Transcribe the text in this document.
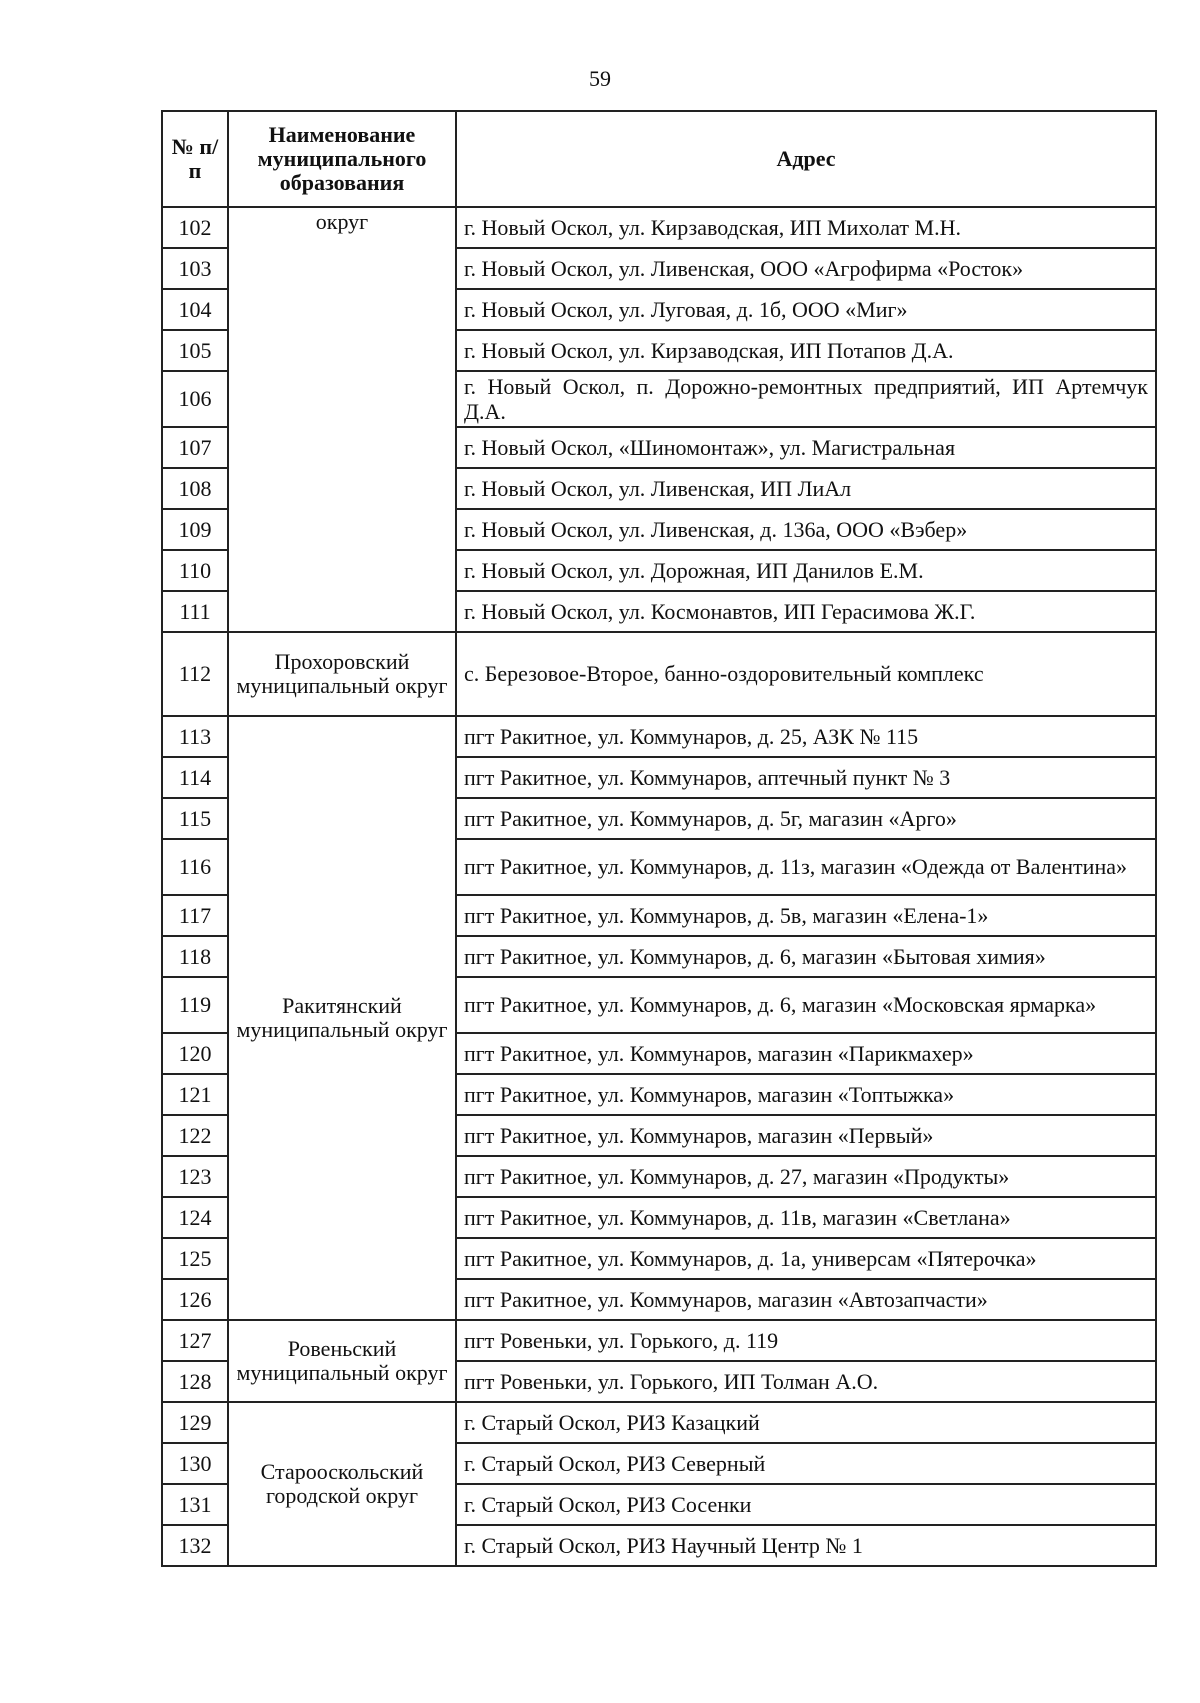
59
№ п/п	Наименование муниципального образования	Адрес
102	округ	г. Новый Оскол, ул. Кирзаводская, ИП Михолат М.Н.
103		г. Новый Оскол, ул. Ливенская, ООО «Агрофирма «Росток»
104		г. Новый Оскол, ул. Луговая, д. 1б, ООО «Миг»
105		г. Новый Оскол, ул. Кирзаводская, ИП Потапов Д.А.
106		г. Новый Оскол, п. Дорожно-ремонтных предприятий, ИП Артемчук Д.А.
107		г. Новый Оскол, «Шиномонтаж», ул. Магистральная
108		г. Новый Оскол, ул. Ливенская, ИП ЛиАл
109		г. Новый Оскол, ул. Ливенская, д. 136а, ООО «Вэбер»
110		г. Новый Оскол, ул. Дорожная, ИП Данилов Е.М.
111		г. Новый Оскол, ул. Космонавтов, ИП Герасимова Ж.Г.
112	Прохоровский муниципальный округ	с. Березовое-Второе, банно-оздоровительный комплекс
113	Ракитянский муниципальный округ	пгт Ракитное, ул. Коммунаров, д. 25, АЗК № 115
114		пгт Ракитное, ул. Коммунаров, аптечный пункт № 3
115		пгт Ракитное, ул. Коммунаров, д. 5г, магазин «Арго»
116		пгт Ракитное, ул. Коммунаров, д. 11з, магазин «Одежда от Валентина»
117		пгт Ракитное, ул. Коммунаров, д. 5в, магазин «Елена-1»
118		пгт Ракитное, ул. Коммунаров, д. 6, магазин «Бытовая химия»
119		пгт Ракитное, ул. Коммунаров, д. 6, магазин «Московская ярмарка»
120		пгт Ракитное, ул. Коммунаров, магазин «Парикмахер»
121		пгт Ракитное, ул. Коммунаров, магазин «Топтыжка»
122		пгт Ракитное, ул. Коммунаров, магазин «Первый»
123		пгт Ракитное, ул. Коммунаров, д. 27, магазин «Продукты»
124		пгт Ракитное, ул. Коммунаров, д. 11в, магазин «Светлана»
125		пгт Ракитное, ул. Коммунаров, д. 1а, универсам «Пятерочка»
126		пгт Ракитное, ул. Коммунаров, магазин «Автозапчасти»
127	Ровеньский муниципальный округ	пгт Ровеньки, ул. Горького, д. 119
128		пгт Ровеньки, ул. Горького, ИП Толман А.О.
129	Старооскольский городской округ	г. Старый Оскол, РИЗ Казацкий
130		г. Старый Оскол, РИЗ Северный
131		г. Старый Оскол, РИЗ Сосенки
132		г. Старый Оскол, РИЗ Научный Центр № 1
